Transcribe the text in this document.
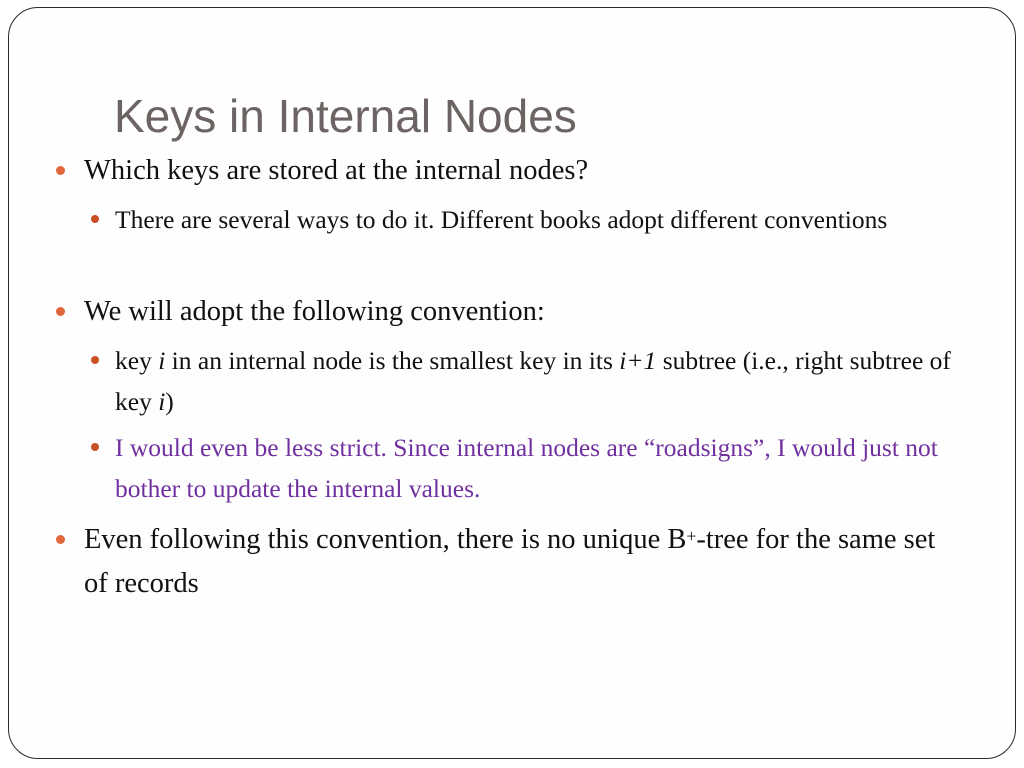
Keys in Internal Nodes

Which keys are stored at the internal nodes?

There are several ways to do it. Different books adopt different conventions

We will adopt the following convention:

key i in an internal node is the smallest key in its i+1 subtree (i.e., right subtree of key i)

I would even be less strict. Since internal nodes are “roadsigns”, I would just not bother to update the internal values.

Even following this convention, there is no unique B+-tree for the same set of records
